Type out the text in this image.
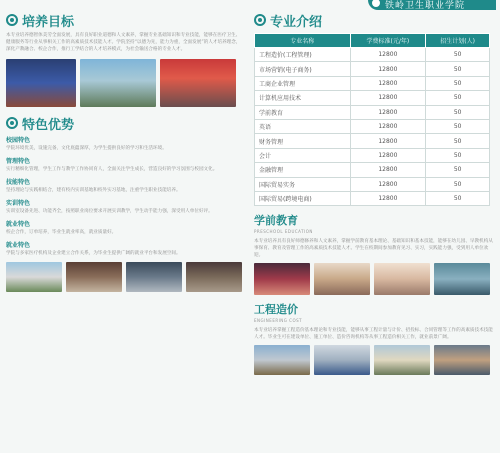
铁岭卫生职业学院
培养目标
本专业培养德智体美劳全面发展，具有良好职业道德和人文素养，掌握专业基础知识和专业技能，能够在医疗卫生、健康服务等行业从事相关工作的高素质技术技能人才。学院坚持“以德为先，能力为重，全面发展”的人才培养理念，深化产教融合、校企合作，推行工学结合的人才培养模式，为社会输送合格的专业人才。
特色优势
校园特色
学院环境优美，设施完备，文化底蕴深厚，为学生提供良好的学习和生活环境。
管理特色
实行精细化管理，学生工作与教学工作协同育人，全面关注学生成长，营造良好的学习氛围与校园文化。
技能特色
坚持理论与实践相结合，建有校内实训基地和校外实习基地，注重学生职业技能培养。
实训特色
实训室设备先进、功能齐全，按照职业岗位要求开展实训教学，学生动手能力强，深受用人单位好评。
就业特色
校企合作，订单培养，毕业生就业率高，就业质量好。
就业特色
学院与多家医疗机构及企业建立合作关系，为毕业生提供广阔的就业平台和发展空间。
专业介绍
专业名称	学费标准(元/年)	招生计划(人)
工程造价(工程管理)	12800	50
市场营销(电子商务)	12800	50
工商企业管理	12800	50
计算机应用技术	12800	50
学前教育	12800	50
英语	12800	50
财务管理	12800	50
会计	12800	50
金融管理	12800	50
国际贸易实务	12800	50
国际贸易(跨境电商)	12800	50
学前教育
PRESCHOOL EDUCATION
本专业培养具有良好师德修养和人文素养，掌握学前教育基本理论、基础知识和基本技能，能够在幼儿园、早教机构从事保育、教育及管理工作的高素质技术技能人才。学生在校期间参加教育见习、实习，实践能力强，受到用人单位欢迎。
工程造价
ENGINEERING COST
本专业培养掌握工程造价基本理论和专业技能，能够从事工程计量与计价、招投标、合同管理等工作的高素质技术技能人才。毕业生可在建设单位、施工单位、造价咨询机构等从事工程造价相关工作，就业前景广阔。
